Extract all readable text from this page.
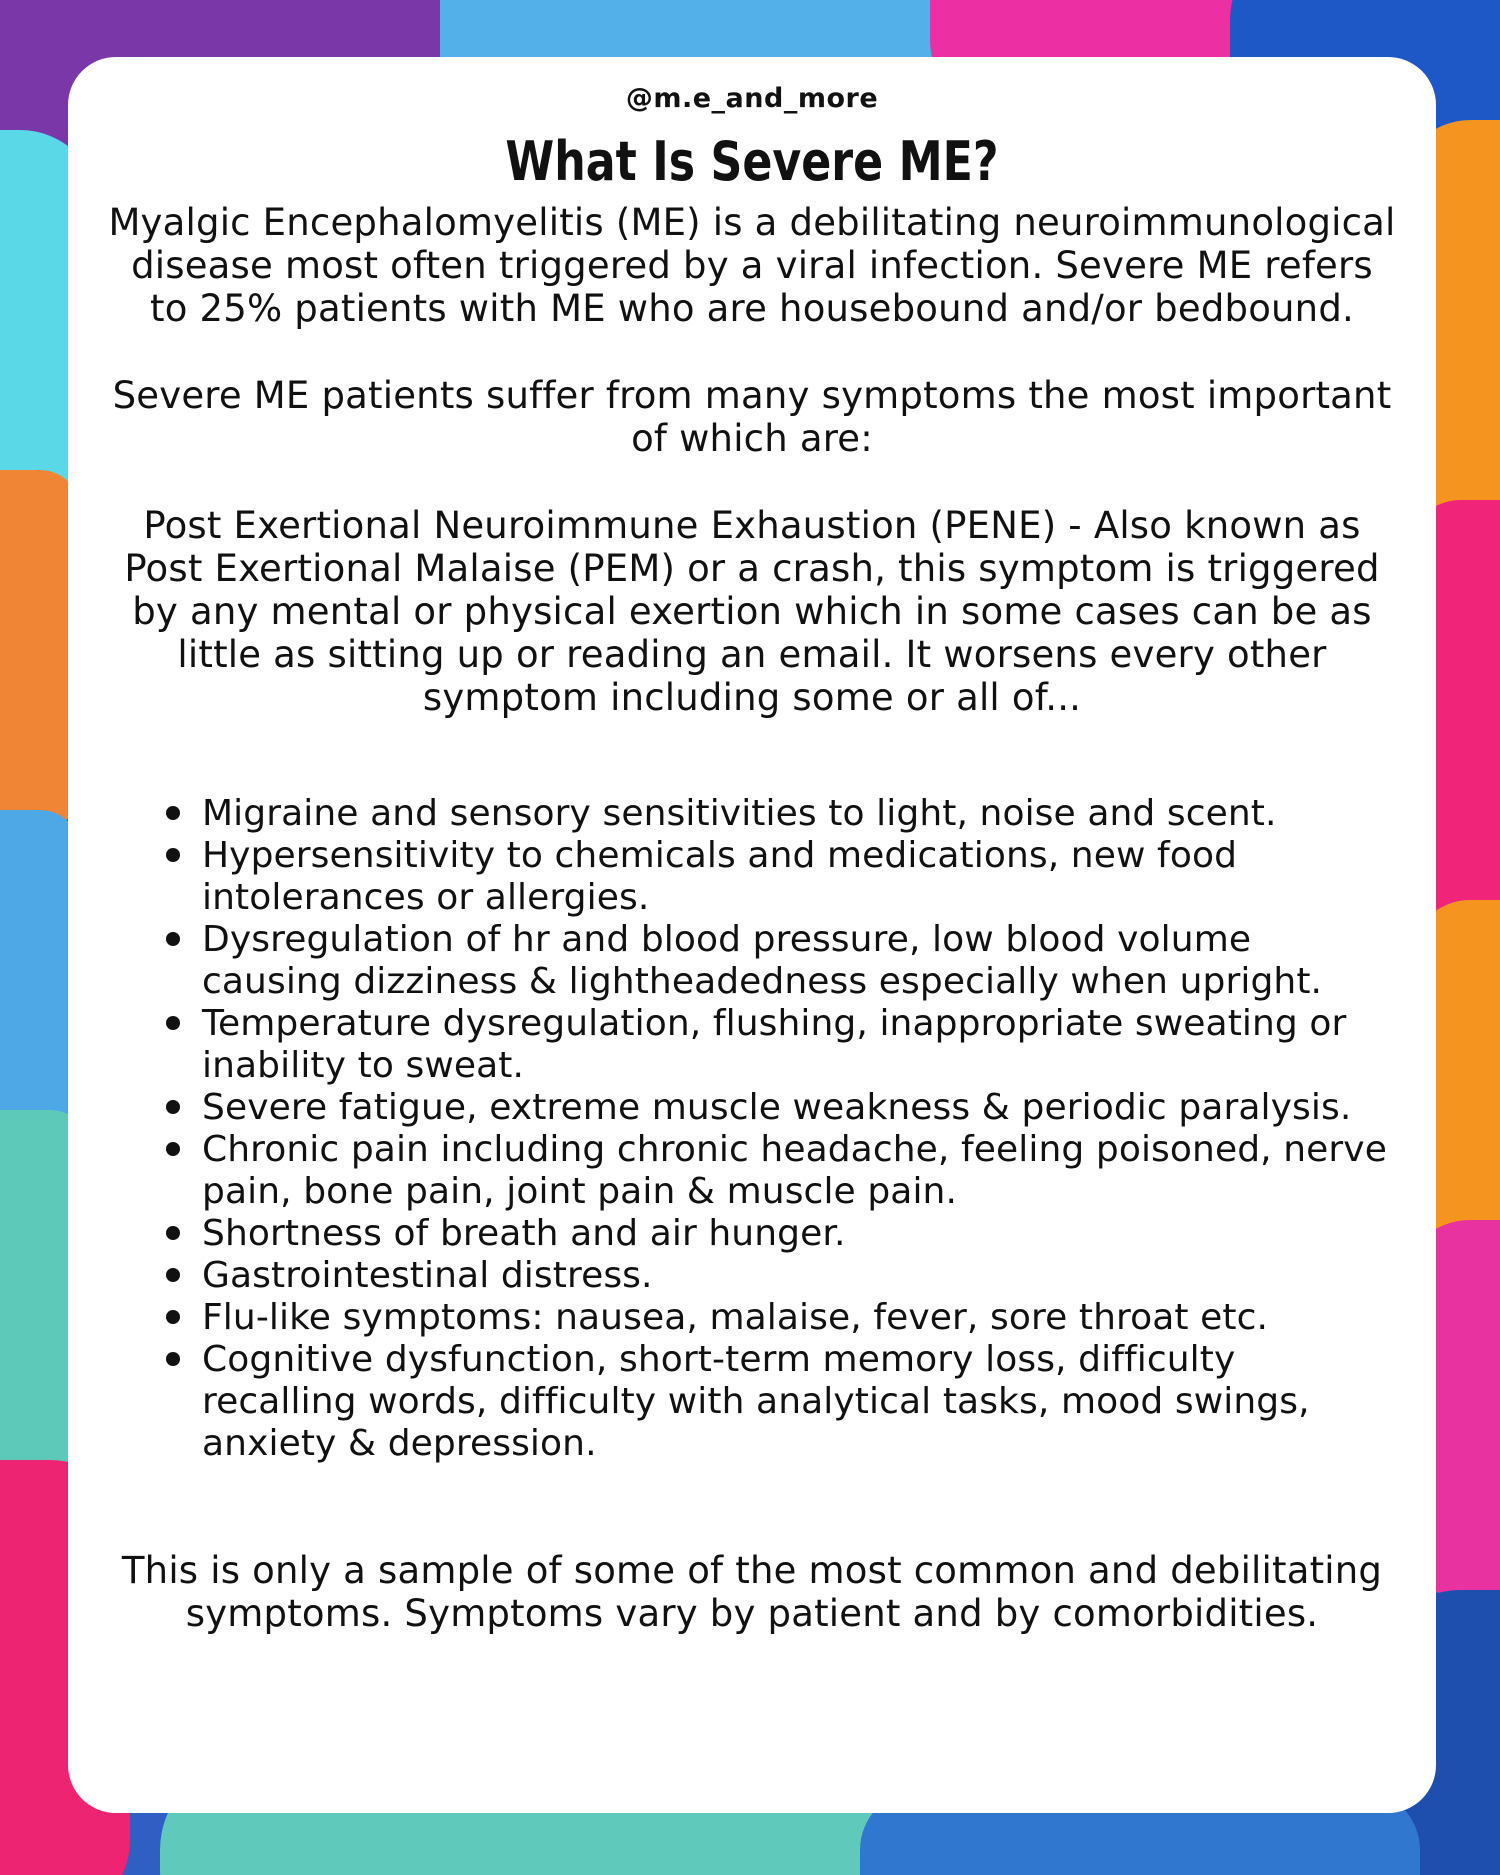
@m.e_and_more
What Is Severe ME?

Myalgic Encephalomyelitis (ME) is a debilitating neuroimmunological disease most often triggered by a viral infection. Severe ME refers to 25% patients with ME who are housebound and/or bedbound.

Severe ME patients suffer from many symptoms the most important of which are:

Post Exertional Neuroimmune Exhaustion (PENE) - Also known as Post Exertional Malaise (PEM) or a crash, this symptom is triggered by any mental or physical exertion which in some cases can be as little as sitting up or reading an email. It worsens every other symptom including some or all of...

Migraine and sensory sensitivities to light, noise and scent.
Hypersensitivity to chemicals and medications, new food intolerances or allergies.
Dysregulation of hr and blood pressure, low blood volume causing dizziness & lightheadedness especially when upright.
Temperature dysregulation, flushing, inappropriate sweating or inability to sweat.
Severe fatigue, extreme muscle weakness & periodic paralysis.
Chronic pain including chronic headache, feeling poisoned, nerve pain, bone pain, joint pain & muscle pain.
Shortness of breath and air hunger.
Gastrointestinal distress.
Flu-like symptoms: nausea, malaise, fever, sore throat etc.
Cognitive dysfunction, short-term memory loss, difficulty recalling words, difficulty with analytical tasks, mood swings, anxiety & depression.

This is only a sample of some of the most common and debilitating symptoms. Symptoms vary by patient and by comorbidities.
